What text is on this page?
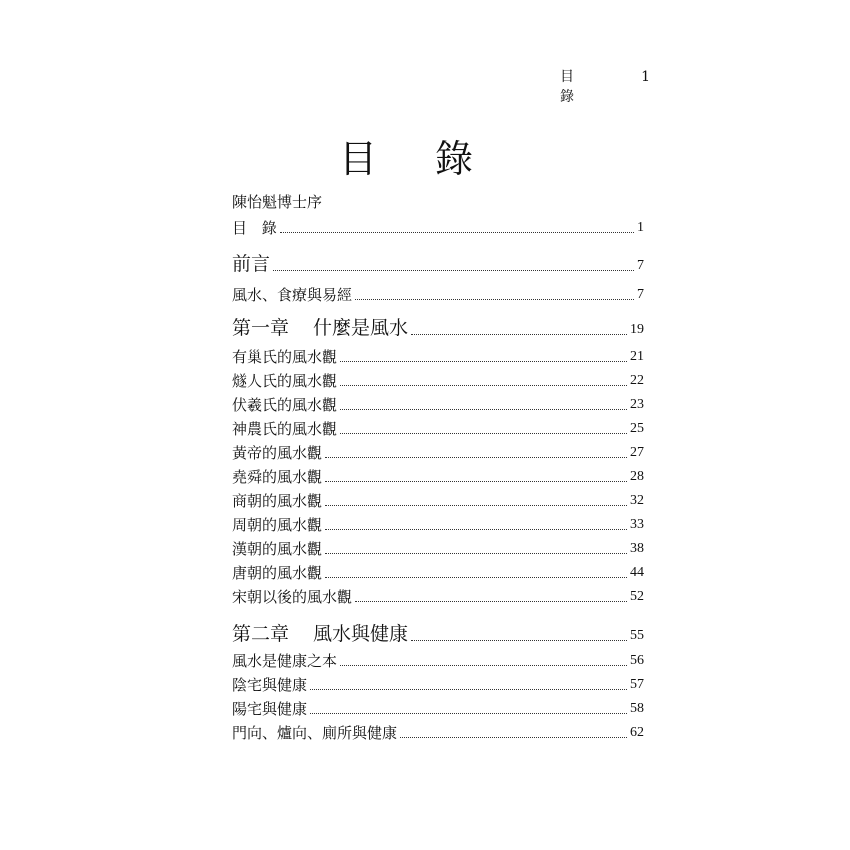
目 錄
1
目錄
陳怡魁博士序
目 錄	1
前言	7
風水、食療與易經	7
第一章 什麼是風水	19
有巢氏的風水觀	21
燧人氏的風水觀	22
伏羲氏的風水觀	23
神農氏的風水觀	25
黃帝的風水觀	27
堯舜的風水觀	28
商朝的風水觀	32
周朝的風水觀	33
漢朝的風水觀	38
唐朝的風水觀	44
宋朝以後的風水觀	52
第二章 風水與健康	55
風水是健康之本	56
陰宅與健康	57
陽宅與健康	58
門向、爐向、廁所與健康	62
